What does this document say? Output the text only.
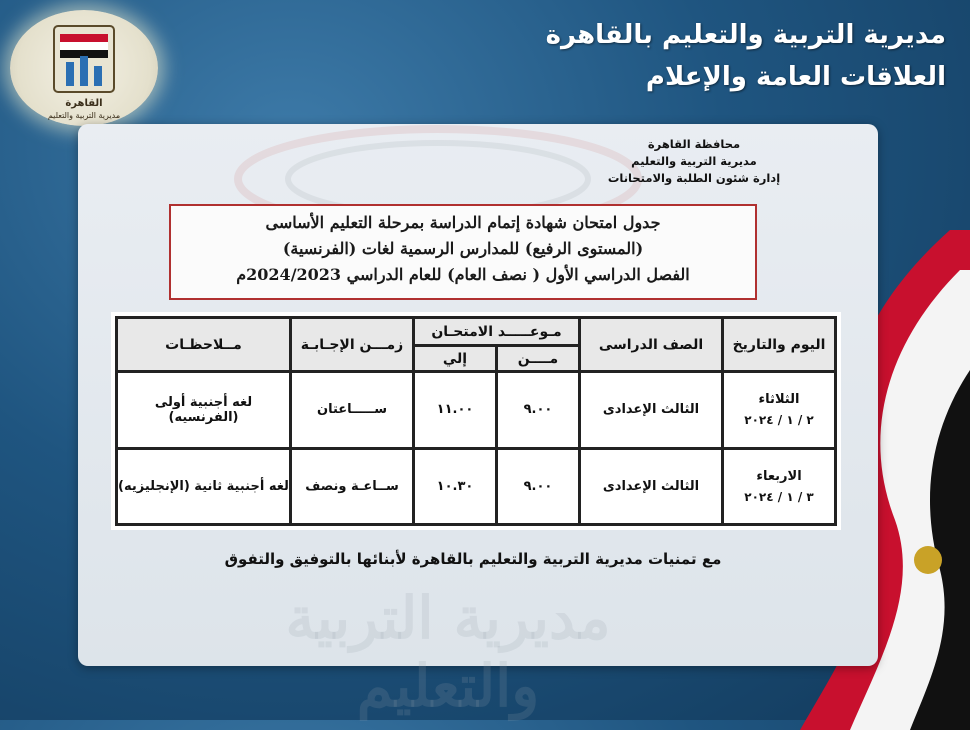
القاهرة
مديرية التربية والتعليم
مديرية التربية والتعليم بالقاهرة
العلاقات العامة والإعلام
مديرية التربية والتعليم
محافظة القاهرة
مديرية التربية والتعليم
إدارة شئون الطلبة والامتحانات
جدول امتحان شهادة إتمام الدراسة بمرحلة التعليم الأساسى
(المستوى الرفيع) للمدارس الرسمية لغات (الفرنسية)
الفصل الدراسي الأول ( نصف العام) للعام الدراسي 2024/2023م
اليوم والتاريخ	الصف الدراسى	مـوعـــــد الامتحـان		زمـــن الإجـابـة	مــلاحظـات
		مــــن	إلي		
الثلاثاء
٢ / ١ / ٢٠٢٤	الثالث الإعدادى	٩.٠٠	١١.٠٠	ســـــاعتان	لغه أجنبية أولى (الفرنسيه)
الاربعاء
٣ / ١ / ٢٠٢٤	الثالث الإعدادى	٩.٠٠	١٠.٣٠	ســاعـة ونصف	لغه أجنبية ثانية (الإنجليزيه)
مع تمنيات مديرية التربية والتعليم بالقاهرة لأبنائها بالتوفيق والتفوق
